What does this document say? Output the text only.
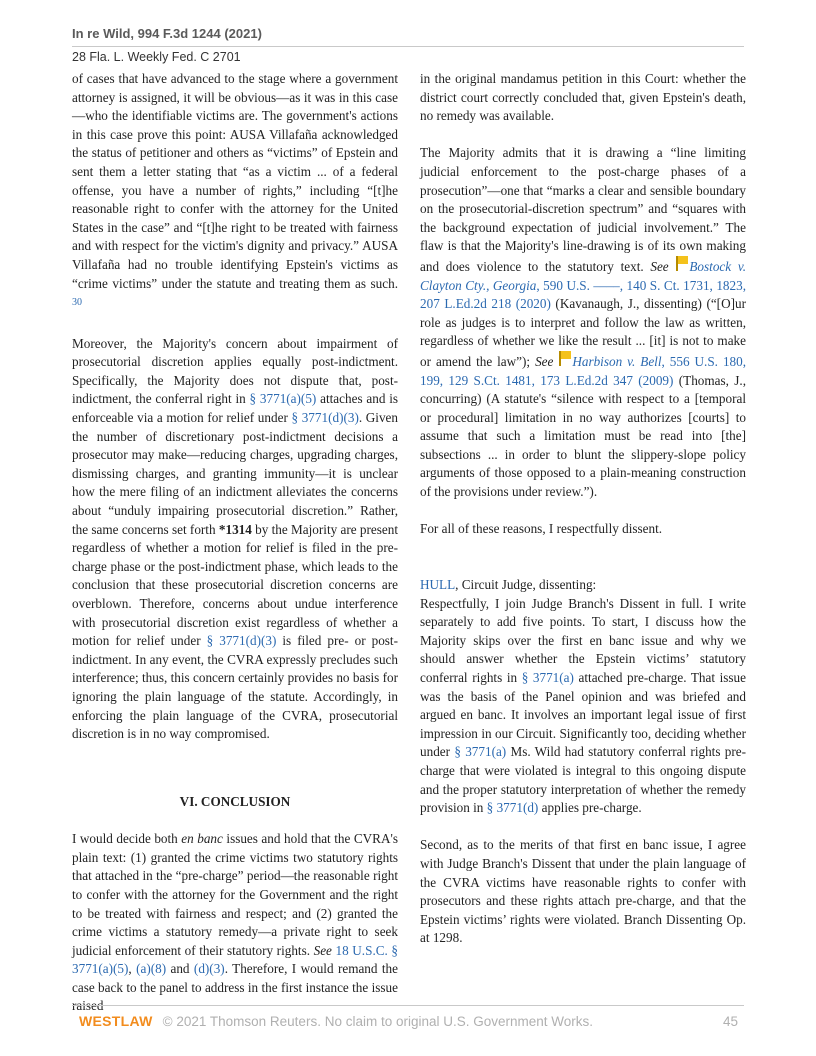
In re Wild, 994 F.3d 1244 (2021)
28 Fla. L. Weekly Fed. C 2701

of cases that have advanced to the stage where a government attorney is assigned, it will be obvious—as it was in this case—who the identifiable victims are. The government's actions in this case prove this point: AUSA Villafaña acknowledged the status of petitioner and others as “victims” of Epstein and sent them a letter stating that “as a victim ... of a federal offense, you have a number of rights,” including “[t]he reasonable right to confer with the attorney for the United States in the case” and “[t]he right to be treated with fairness and with respect for the victim's dignity and privacy.” AUSA Villafaña had no trouble identifying Epstein's victims as “crime victims” under the statute and treating them as such. $^{30}$

Moreover, the Majority's concern about impairment of prosecutorial discretion applies equally post-indictment. Specifically, the Majority does not dispute that, post-indictment, the conferral right in § 3771(a)(5) attaches and is enforceable via a motion for relief under § 3771(d)(3). Given the number of discretionary post-indictment decisions a prosecutor may make—reducing charges, upgrading charges, dismissing charges, and granting immunity—it is unclear how the mere filing of an indictment alleviates the concerns about “unduly impairing prosecutorial discretion.” Rather, the same concerns set forth *1314 by the Majority are present regardless of whether a motion for relief is filed in the pre-charge phase or the post-indictment phase, which leads to the conclusion that these prosecutorial discretion concerns are overblown. Therefore, concerns about undue interference with prosecutorial discretion exist regardless of whether a motion for relief under § 3771(d)(3) is filed pre- or post-indictment. In any event, the CVRA expressly precludes such interference; thus, this concern certainly provides no basis for ignoring the plain language of the statute. Accordingly, in enforcing the plain language of the CVRA, prosecutorial discretion is in no way compromised.

VI. CONCLUSION

I would decide both en banc issues and hold that the CVRA's plain text: (1) granted the crime victims two statutory rights that attached in the “pre-charge” period—the reasonable right to confer with the attorney for the Government and the right to be treated with fairness and respect; and (2) granted the crime victims a statutory remedy—a private right to seek judicial enforcement of their statutory rights. See 18 U.S.C. § 3771(a)(5), (a)(8) and (d)(3). Therefore, I would remand the case back to the panel to address in the first instance the issue raised

in the original mandamus petition in this Court: whether the district court correctly concluded that, given Epstein's death, no remedy was available.

The Majority admits that it is drawing a “line limiting judicial enforcement to the post-charge phases of a prosecution”—one that “marks a clear and sensible boundary on the prosecutorial-discretion spectrum” and “squares with the background expectation of judicial involvement.” The flaw is that the Majority's line-drawing is of its own making and does violence to the statutory text. See Bostock v. Clayton Cty., Georgia, 590 U.S. ––––, 140 S. Ct. 1731, 1823, 207 L.Ed.2d 218 (2020) (Kavanaugh, J., dissenting) (“[O]ur role as judges is to interpret and follow the law as written, regardless of whether we like the result ... [it] is not to make or amend the law”); See Harbison v. Bell, 556 U.S. 180, 199, 129 S.Ct. 1481, 173 L.Ed.2d 347 (2009) (Thomas, J., concurring) (A statute's “silence with respect to a [temporal or procedural] limitation in no way authorizes [courts] to assume that such a limitation must be read into [the] subsections ... in order to blunt the slippery-slope policy arguments of those opposed to a plain-meaning construction of the provisions under review.”).

For all of these reasons, I respectfully dissent.

HULL, Circuit Judge, dissenting:

Respectfully, I join Judge Branch's Dissent in full. I write separately to add five points. To start, I discuss how the Majority skips over the first en banc issue and why we should answer whether the Epstein victims’ statutory conferral rights in § 3771(a) attached pre-charge. That issue was the basis of the Panel opinion and was briefed and argued en banc. It involves an important legal issue of first impression in our Circuit. Significantly too, deciding whether under § 3771(a) Ms. Wild had statutory conferral rights pre-charge that were violated is integral to this ongoing dispute and the proper statutory interpretation of whether the remedy provision in § 3771(d) applies pre-charge.

Second, as to the merits of that first en banc issue, I agree with Judge Branch's Dissent that under the plain language of the CVRA victims have reasonable rights to confer with prosecutors and these rights attach pre-charge, and that the Epstein victims’ rights were violated. Branch Dissenting Op. at 1298.

WESTLAW © 2021 Thomson Reuters. No claim to original U.S. Government Works.	45
